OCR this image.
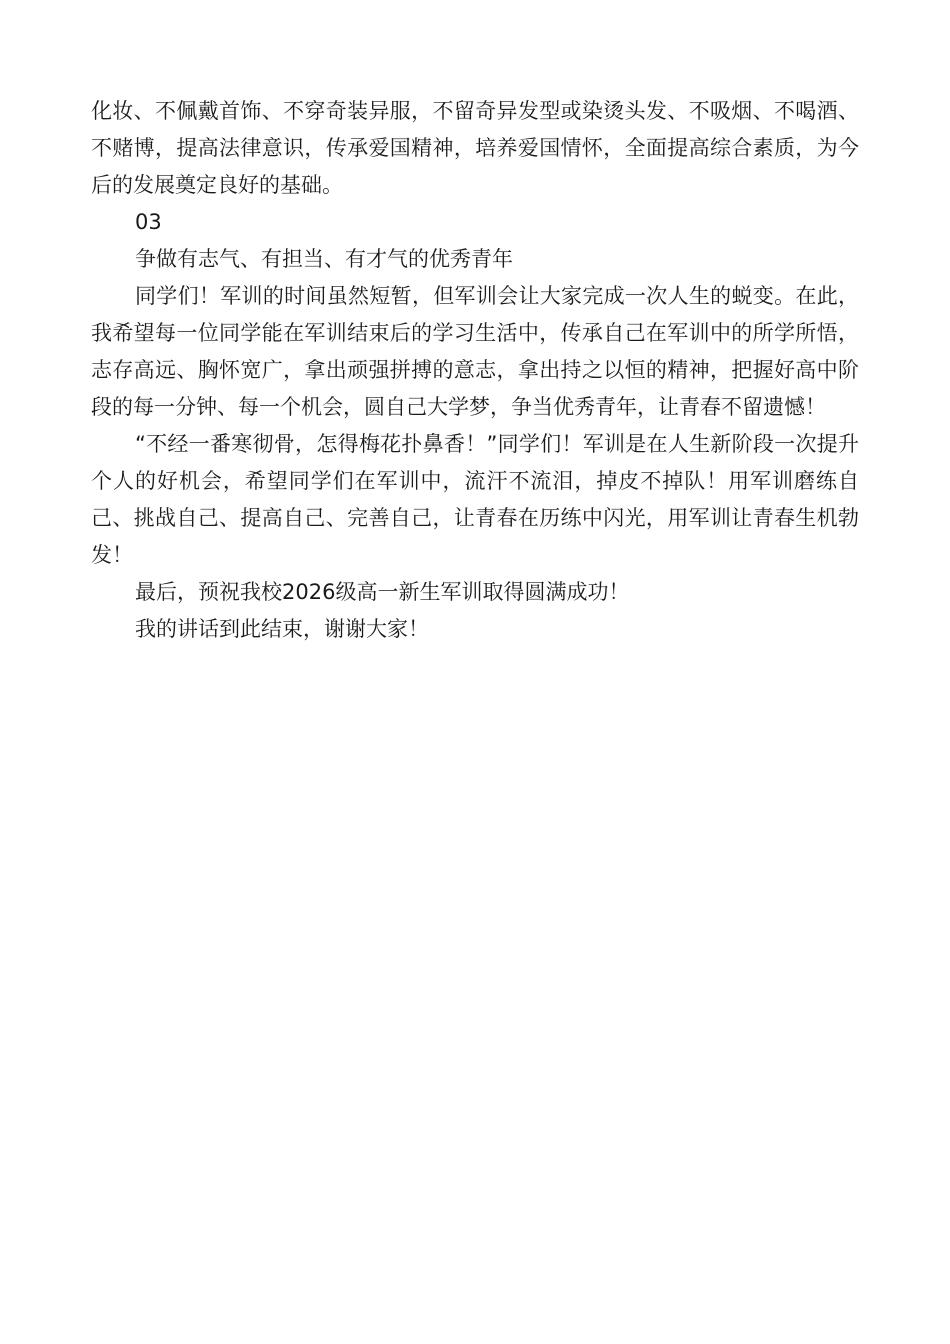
化妆、不佩戴首饰、不穿奇装异服，不留奇异发型或染烫头发、不吸烟、不喝酒、不赌博，提高法律意识，传承爱国精神，培养爱国情怀，全面提高综合素质，为今后的发展奠定良好的基础。

03

争做有志气、有担当、有才气的优秀青年

同学们！军训的时间虽然短暂，但军训会让大家完成一次人生的蜕变。在此，我希望每一位同学能在军训结束后的学习生活中，传承自己在军训中的所学所悟，志存高远、胸怀宽广，拿出顽强拼搏的意志，拿出持之以恒的精神，把握好高中阶段的每一分钟、每一个机会，圆自己大学梦，争当优秀青年，让青春不留遗憾！

“不经一番寒彻骨，怎得梅花扑鼻香！”同学们！军训是在人生新阶段一次提升个人的好机会，希望同学们在军训中，流汗不流泪，掉皮不掉队！用军训磨练自己、挑战自己、提高自己、完善自己，让青春在历练中闪光，用军训让青春生机勃发！

最后，预祝我校2026级高一新生军训取得圆满成功！

我的讲话到此结束，谢谢大家！
